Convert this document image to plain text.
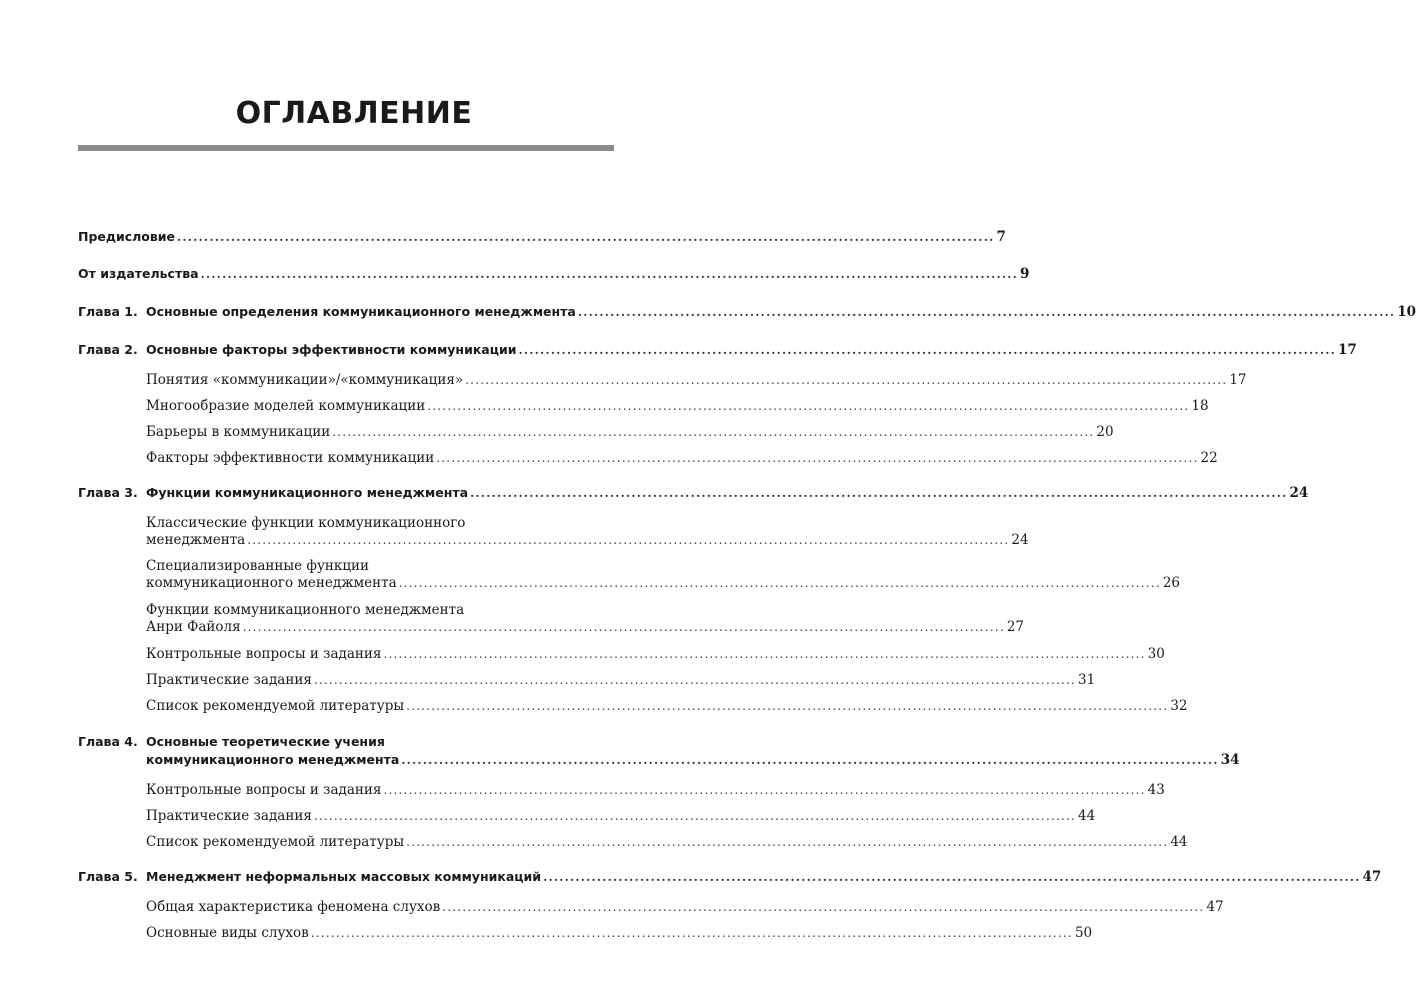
ОГЛАВЛЕНИЕ
Предисловие ........................................................................................................................................................ 7
От издательства ........................................................................................................................................................ 9
Глава 1. Основные определения коммуникационного менеджмента ........................................................................................................................................................ 10
Глава 2. Основные факторы эффективности коммуникации ........................................................................................................................................................ 17
Понятия «коммуникации»/«коммуникация» ........................................................................................................................................................ 17
Многообразие моделей коммуникации ........................................................................................................................................................ 18
Барьеры в коммуникации ........................................................................................................................................................ 20
Факторы эффективности коммуникации ........................................................................................................................................................ 22
Глава 3. Функции коммуникационного менеджмента ........................................................................................................................................................ 24
Классические функции коммуникационного
менеджмента ........................................................................................................................................................ 24
Специализированные функции
коммуникационного менеджмента ........................................................................................................................................................ 26
Функции коммуникационного менеджмента
Анри Файоля ........................................................................................................................................................ 27
Контрольные вопросы и задания ........................................................................................................................................................ 30
Практические задания ........................................................................................................................................................ 31
Список рекомендуемой литературы ........................................................................................................................................................ 32
Глава 4. Основные теоретические учения
коммуникационного менеджмента ........................................................................................................................................................ 34
Контрольные вопросы и задания ........................................................................................................................................................ 43
Практические задания ........................................................................................................................................................ 44
Список рекомендуемой литературы ........................................................................................................................................................ 44
Глава 5. Менеджмент неформальных массовых коммуникаций ........................................................................................................................................................ 47
Общая характеристика феномена слухов ........................................................................................................................................................ 47
Основные виды слухов ........................................................................................................................................................ 50
